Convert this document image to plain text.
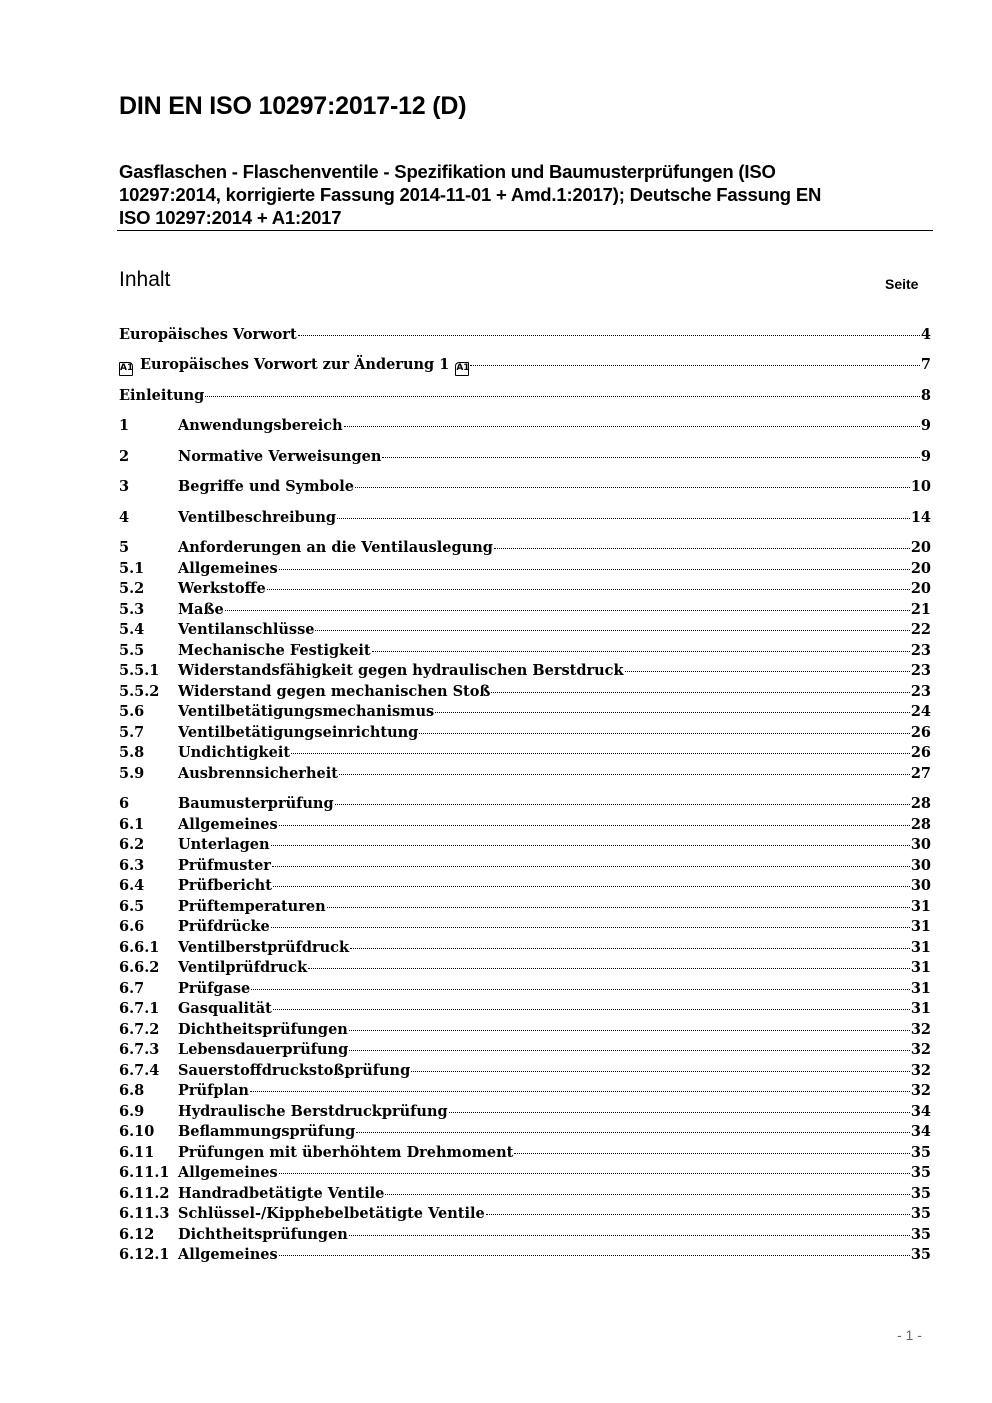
DIN EN ISO 10297:2017-12 (D)
Gasflaschen - Flaschenventile - Spezifikation und Baumusterprüfungen (ISO
10297:2014, korrigierte Fassung 2014-11-01 + Amd.1:2017); Deutsche Fassung EN
ISO 10297:2014 + A1:2017
Inhalt	Seite
Europäisches Vorwort	4
A1 Europäisches Vorwort zur Änderung 1 A1	7
Einleitung	8
1	Anwendungsbereich	9
2	Normative Verweisungen	9
3	Begriffe und Symbole	10
4	Ventilbeschreibung	14
5	Anforderungen an die Ventilauslegung	20
5.1	Allgemeines	20
5.2	Werkstoffe	20
5.3	Maße	21
5.4	Ventilanschlüsse	22
5.5	Mechanische Festigkeit	23
5.5.1	Widerstandsfähigkeit gegen hydraulischen Berstdruck	23
5.5.2	Widerstand gegen mechanischen Stoß	23
5.6	Ventilbetätigungsmechanismus	24
5.7	Ventilbetätigungseinrichtung	26
5.8	Undichtigkeit	26
5.9	Ausbrennsicherheit	27
6	Baumusterprüfung	28
6.1	Allgemeines	28
6.2	Unterlagen	30
6.3	Prüfmuster	30
6.4	Prüfbericht	30
6.5	Prüftemperaturen	31
6.6	Prüfdrücke	31
6.6.1	Ventilberstprüfdruck	31
6.6.2	Ventilprüfdruck	31
6.7	Prüfgase	31
6.7.1	Gasqualität	31
6.7.2	Dichtheitsprüfungen	32
6.7.3	Lebensdauerprüfung	32
6.7.4	Sauerstoffdruckstoßprüfung	32
6.8	Prüfplan	32
6.9	Hydraulische Berstdruckprüfung	34
6.10	Beflammungsprüfung	34
6.11	Prüfungen mit überhöhtem Drehmoment	35
6.11.1 Allgemeines	35
6.11.2 Handradbetätigte Ventile	35
6.11.3 Schlüssel-/Kipphebelbetätigte Ventile	35
6.12	Dichtheitsprüfungen	35
6.12.1 Allgemeines	35
- 1 -
